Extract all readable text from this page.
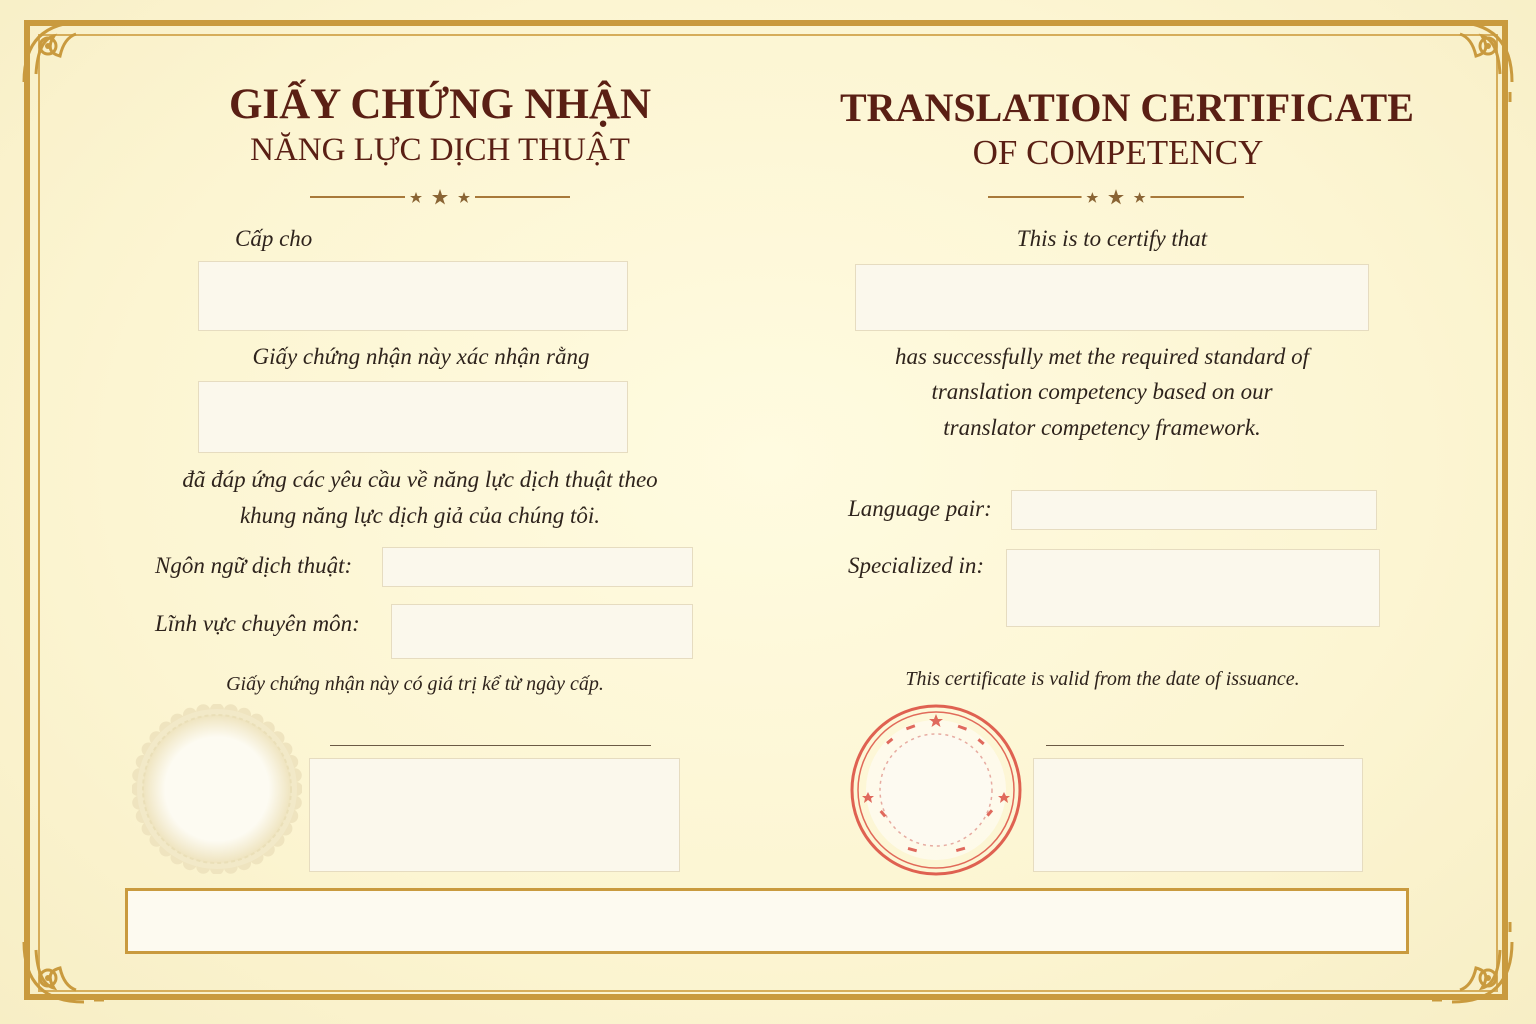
GIẤY CHỨNG NHẬN
NĂNG LỰC DỊCH THUẬT

Cấp cho

Giấy chứng nhận này xác nhận rằng

đã đáp ứng các yêu cầu về năng lực dịch thuật theo

khung năng lực dịch giả của chúng tôi.

Ngôn ngữ dịch thuật:

Lĩnh vực chuyên môn:

Giấy chứng nhận này có giá trị kể từ ngày cấp.

TRANSLATION CERTIFICATE
OF COMPETENCY

This is to certify that

has successfully met the required standard of

translation competency based on our

translator competency framework.

Language pair:

Specialized in:

This certificate is valid from the date of issuance.
